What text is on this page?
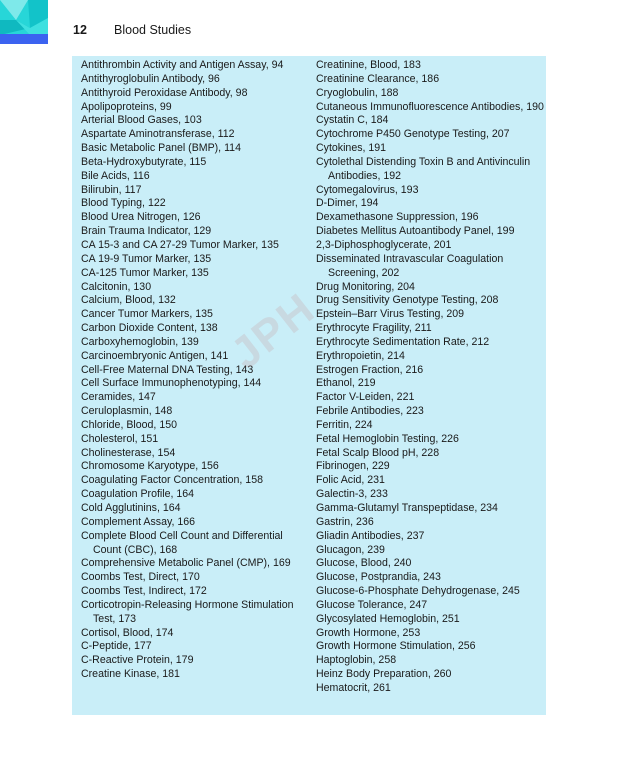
12 Blood Studies
Antithrombin Activity and Antigen Assay, 94
Antithyroglobulin Antibody, 96
Antithyroid Peroxidase Antibody, 98
Apolipoproteins, 99
Arterial Blood Gases, 103
Aspartate Aminotransferase, 112
Basic Metabolic Panel (BMP), 114
Beta-Hydroxybutyrate, 115
Bile Acids, 116
Bilirubin, 117
Blood Typing, 122
Blood Urea Nitrogen, 126
Brain Trauma Indicator, 129
CA 15-3 and CA 27-29 Tumor Marker, 135
CA 19-9 Tumor Marker, 135
CA-125 Tumor Marker, 135
Calcitonin, 130
Calcium, Blood, 132
Cancer Tumor Markers, 135
Carbon Dioxide Content, 138
Carboxyhemoglobin, 139
Carcinoembryonic Antigen, 141
Cell-Free Maternal DNA Testing, 143
Cell Surface Immunophenotyping, 144
Ceramides, 147
Ceruloplasmin, 148
Chloride, Blood, 150
Cholesterol, 151
Cholinesterase, 154
Chromosome Karyotype, 156
Coagulating Factor Concentration, 158
Coagulation Profile, 164
Cold Agglutinins, 164
Complement Assay, 166
Complete Blood Cell Count and Differential Count (CBC), 168
Comprehensive Metabolic Panel (CMP), 169
Coombs Test, Direct, 170
Coombs Test, Indirect, 172
Corticotropin-Releasing Hormone Stimulation Test, 173
Cortisol, Blood, 174
C-Peptide, 177
C-Reactive Protein, 179
Creatine Kinase, 181
Creatinine, Blood, 183
Creatinine Clearance, 186
Cryoglobulin, 188
Cutaneous Immunofluorescence Antibodies, 190
Cystatin C, 184
Cytochrome P450 Genotype Testing, 207
Cytokines, 191
Cytolethal Distending Toxin B and Antivinculin Antibodies, 192
Cytomegalovirus, 193
D-Dimer, 194
Dexamethasone Suppression, 196
Diabetes Mellitus Autoantibody Panel, 199
2,3-Diphosphoglycerate, 201
Disseminated Intravascular Coagulation Screening, 202
Drug Monitoring, 204
Drug Sensitivity Genotype Testing, 208
Epstein–Barr Virus Testing, 209
Erythrocyte Fragility, 211
Erythrocyte Sedimentation Rate, 212
Erythropoietin, 214
Estrogen Fraction, 216
Ethanol, 219
Factor V-Leiden, 221
Febrile Antibodies, 223
Ferritin, 224
Fetal Hemoglobin Testing, 226
Fetal Scalp Blood pH, 228
Fibrinogen, 229
Folic Acid, 231
Galectin-3, 233
Gamma-Glutamyl Transpeptidase, 234
Gastrin, 236
Gliadin Antibodies, 237
Glucagon, 239
Glucose, Blood, 240
Glucose, Postprandia, 243
Glucose-6-Phosphate Dehydrogenase, 245
Glucose Tolerance, 247
Glycosylated Hemoglobin, 251
Growth Hormone, 253
Growth Hormone Stimulation, 256
Haptoglobin, 258
Heinz Body Preparation, 260
Hematocrit, 261
